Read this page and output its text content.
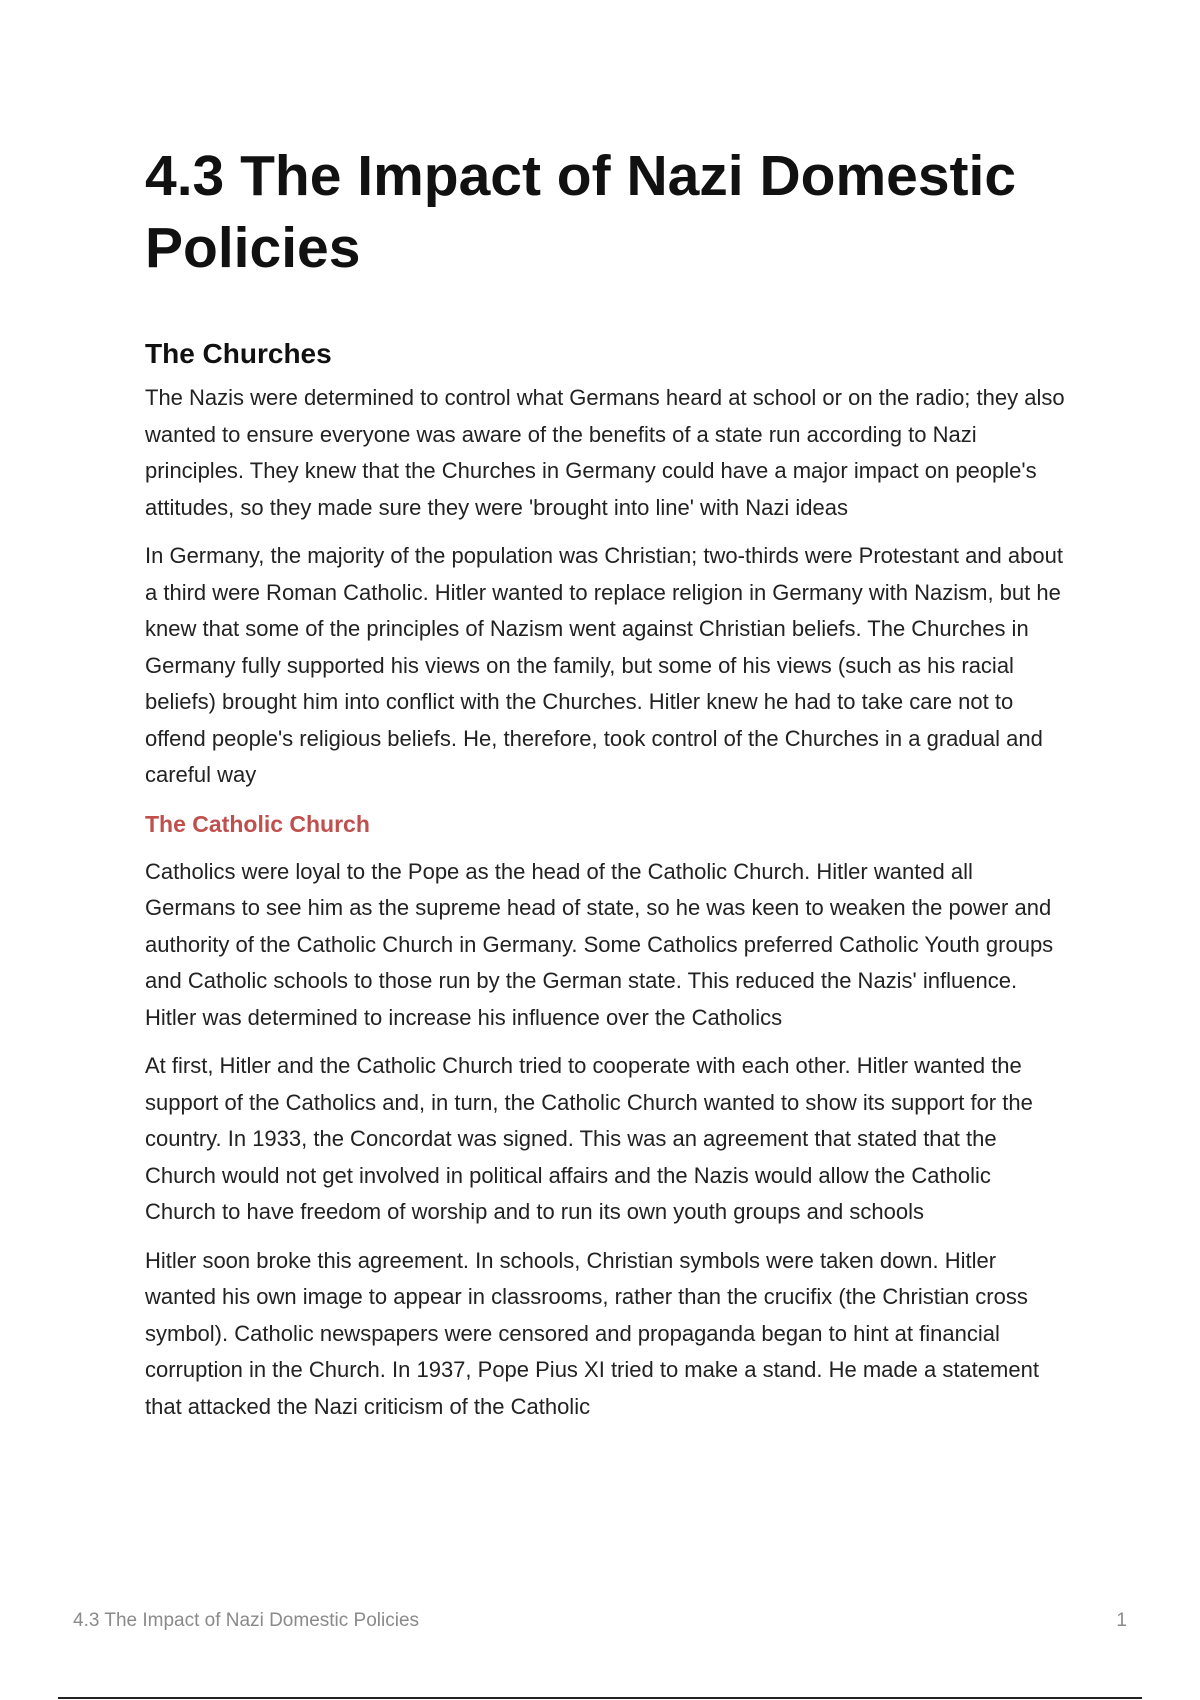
4.3 The Impact of Nazi Domestic Policies
The Churches

The Nazis were determined to control what Germans heard at school or on the radio; they also wanted to ensure everyone was aware of the benefits of a state run according to Nazi principles. They knew that the Churches in Germany could have a major impact on people's attitudes, so they made sure they were 'brought into line' with Nazi ideas

In Germany, the majority of the population was Christian; two-thirds were Protestant and about a third were Roman Catholic. Hitler wanted to replace religion in Germany with Nazism, but he knew that some of the principles of Nazism went against Christian beliefs. The Churches in Germany fully supported his views on the family, but some of his views (such as his racial beliefs) brought him into conflict with the Churches. Hitler knew he had to take care not to offend people's religious beliefs. He, therefore, took control of the Churches in a gradual and careful way

The Catholic Church

Catholics were loyal to the Pope as the head of the Catholic Church. Hitler wanted all Germans to see him as the supreme head of state, so he was keen to weaken the power and authority of the Catholic Church in Germany. Some Catholics preferred Catholic Youth groups and Catholic schools to those run by the German state. This reduced the Nazis' influence. Hitler was determined to increase his influence over the Catholics

At first, Hitler and the Catholic Church tried to cooperate with each other. Hitler wanted the support of the Catholics and, in turn, the Catholic Church wanted to show its support for the country. In 1933, the Concordat was signed. This was an agreement that stated that the Church would not get involved in political affairs and the Nazis would allow the Catholic Church to have freedom of worship and to run its own youth groups and schools

Hitler soon broke this agreement. In schools, Christian symbols were taken down. Hitler wanted his own image to appear in classrooms, rather than the crucifix (the Christian cross symbol). Catholic newspapers were censored and propaganda began to hint at financial corruption in the Church. In 1937, Pope Pius XI tried to make a stand. He made a statement that attacked the Nazi criticism of the Catholic

4.3 The Impact of Nazi Domestic Policies	1
